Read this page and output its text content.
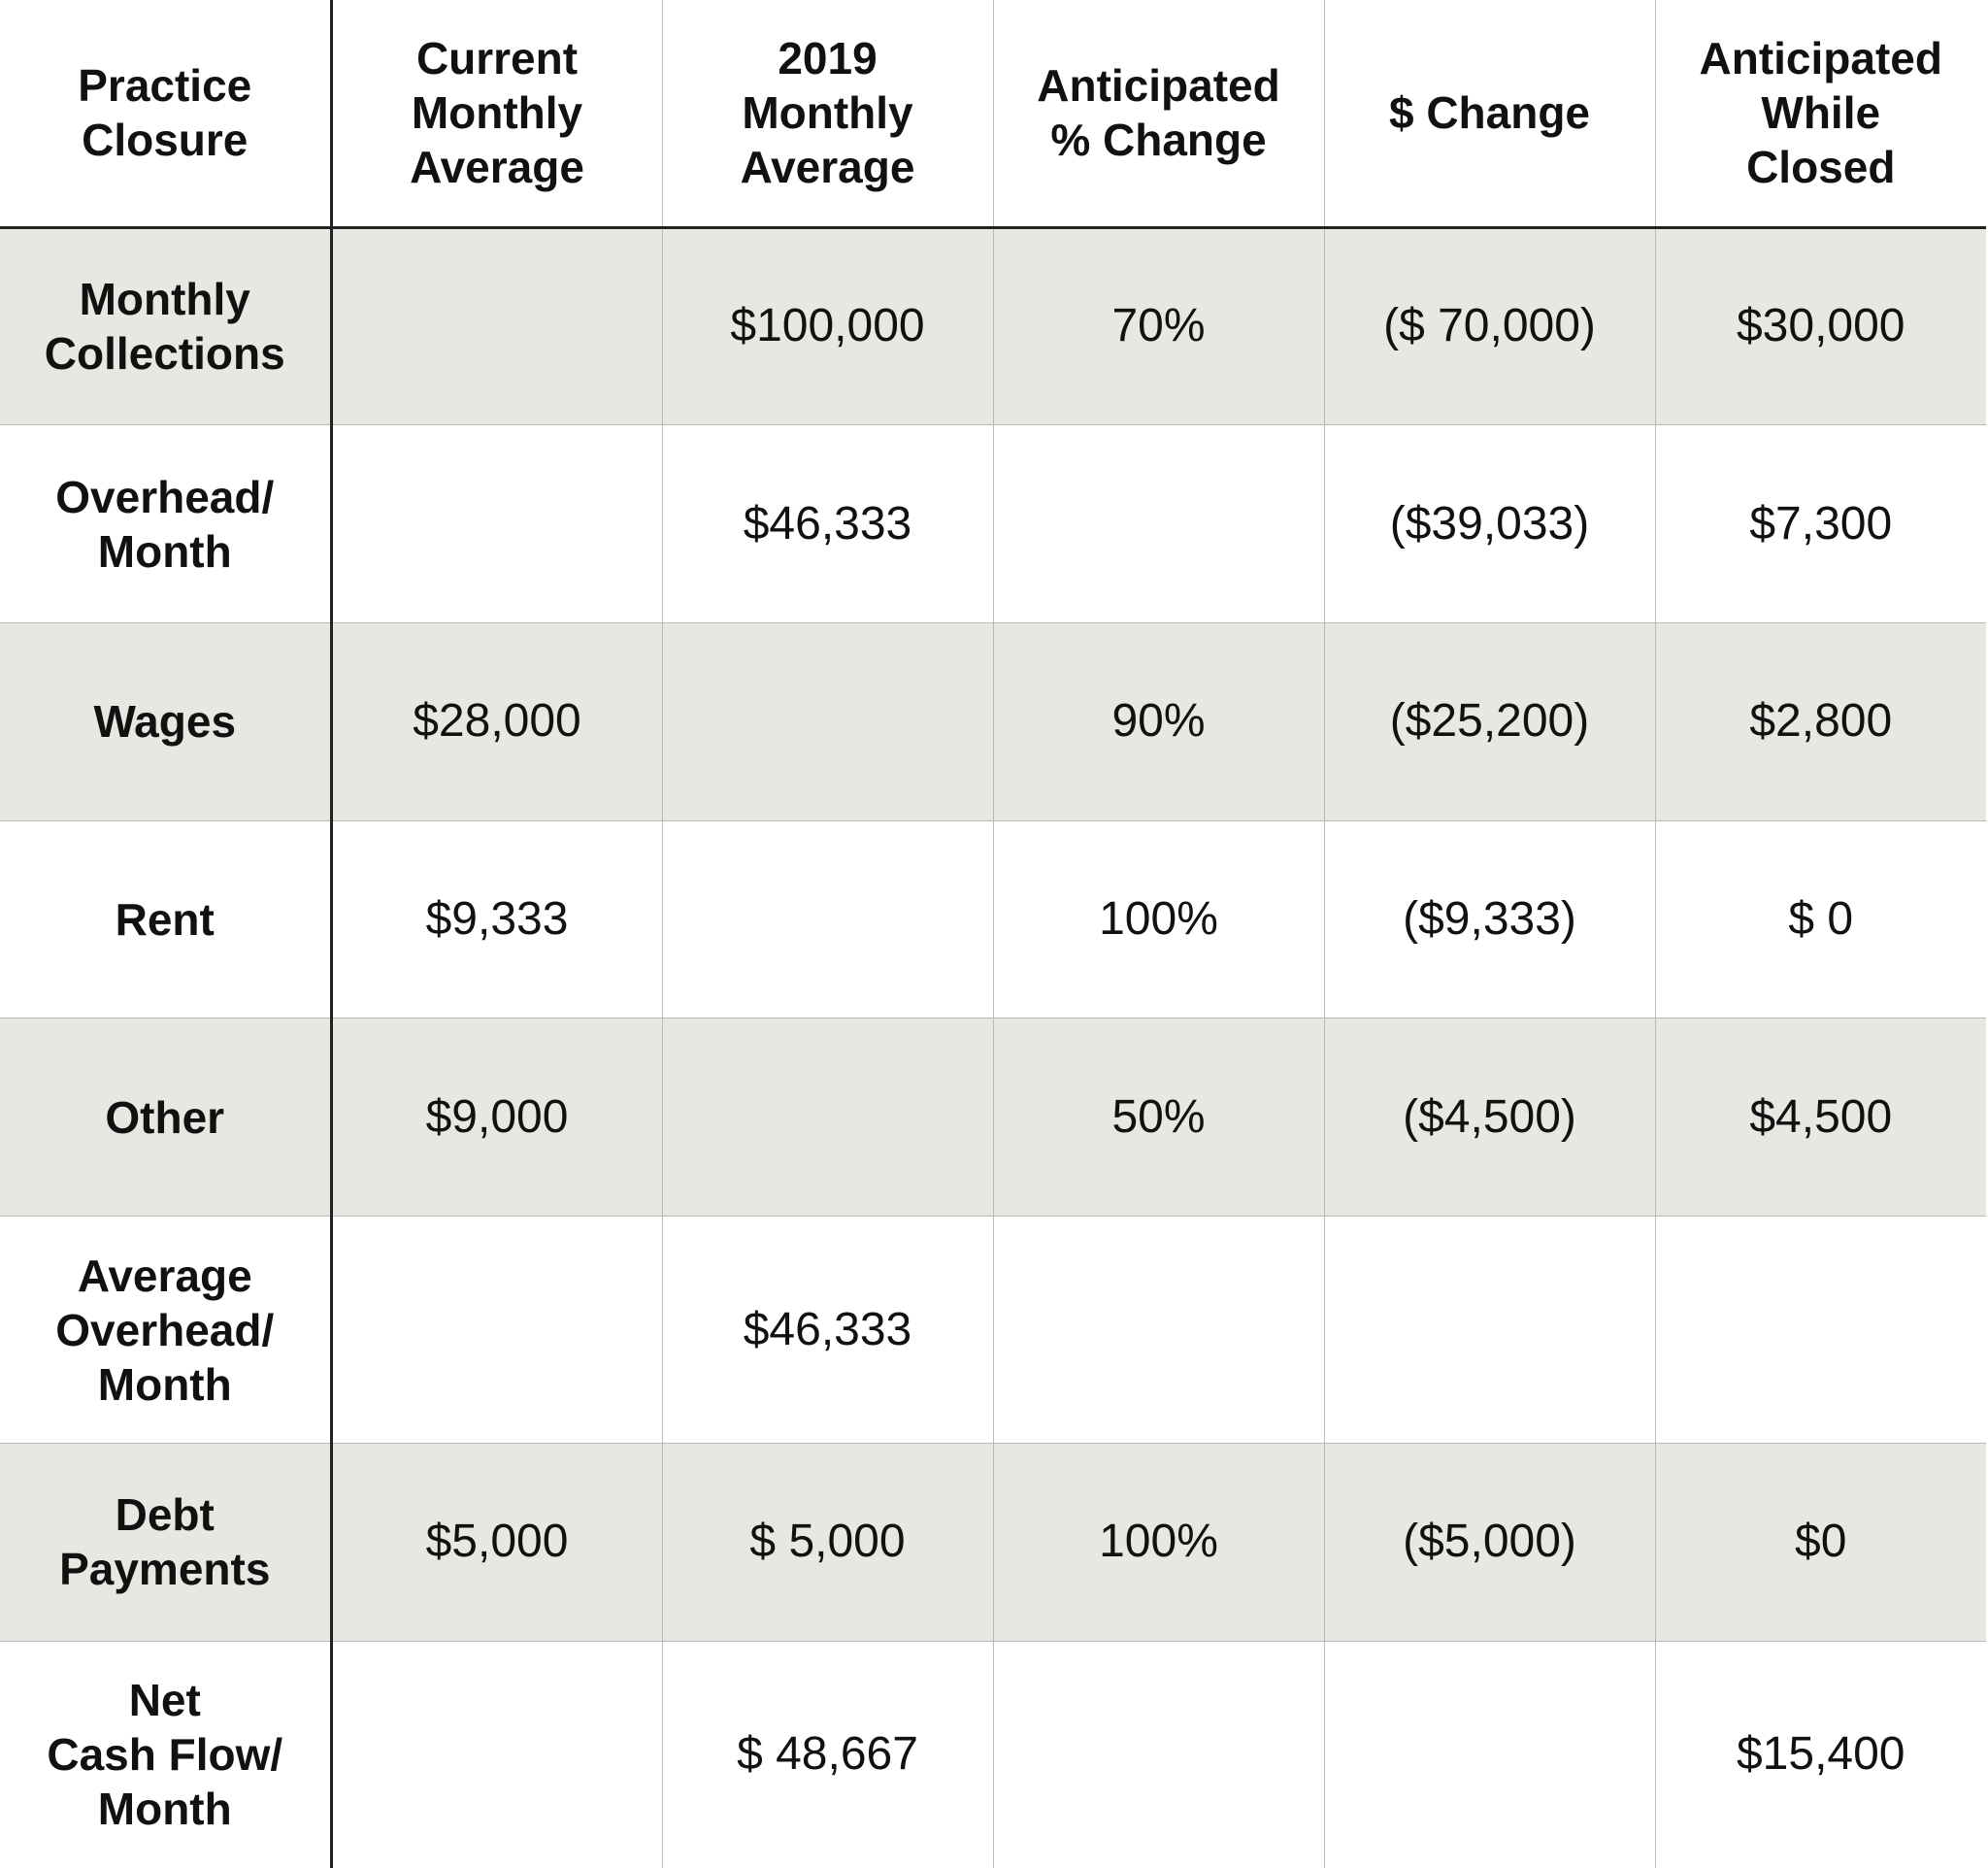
Practice
Closure	Current
Monthly
Average	2019
Monthly
Average	Anticipated
% Change	$ Change	Anticipated
While
Closed
Monthly
Collections		$100,000	70%	($ 70,000)	$30,000
Overhead/
Month		$46,333		($39,033)	$7,300
Wages	$28,000		90%	($25,200)	$2,800
Rent	$9,333		100%	($9,333)	$ 0
Other	$9,000		50%	($4,500)	$4,500
Average
Overhead/
Month		$46,333			
Debt
Payments	$5,000	$ 5,000	100%	($5,000)	$0
Net
Cash Flow/
Month		$ 48,667			$15,400
